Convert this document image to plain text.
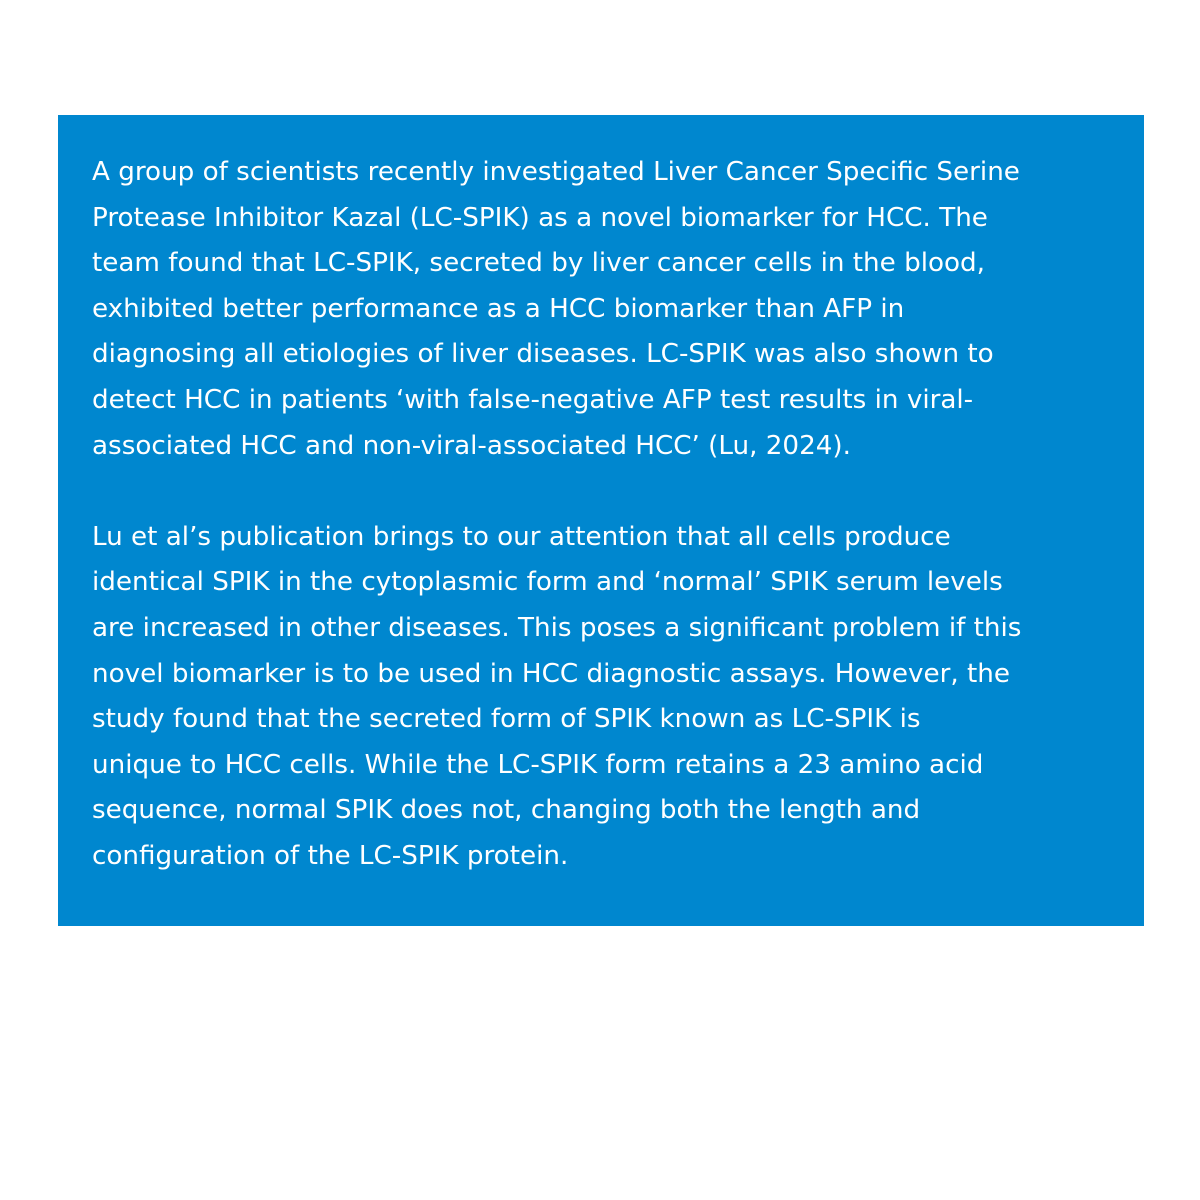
A group of scientists recently investigated Liver Cancer Specific Serine
Protease Inhibitor Kazal (LC-SPIK) as a novel biomarker for HCC. The
team found that LC-SPIK, secreted by liver cancer cells in the blood,
exhibited better performance as a HCC biomarker than AFP in
diagnosing all etiologies of liver diseases. LC-SPIK was also shown to
detect HCC in patients ‘with false-negative AFP test results in viral-
associated HCC and non-viral-associated HCC’ (Lu, 2024).

Lu et al’s publication brings to our attention that all cells produce
identical SPIK in the cytoplasmic form and ‘normal’ SPIK serum levels
are increased in other diseases. This poses a significant problem if this
novel biomarker is to be used in HCC diagnostic assays. However, the
study found that the secreted form of SPIK known as LC-SPIK is
unique to HCC cells. While the LC-SPIK form retains a 23 amino acid
sequence, normal SPIK does not, changing both the length and
configuration of the LC-SPIK protein.
